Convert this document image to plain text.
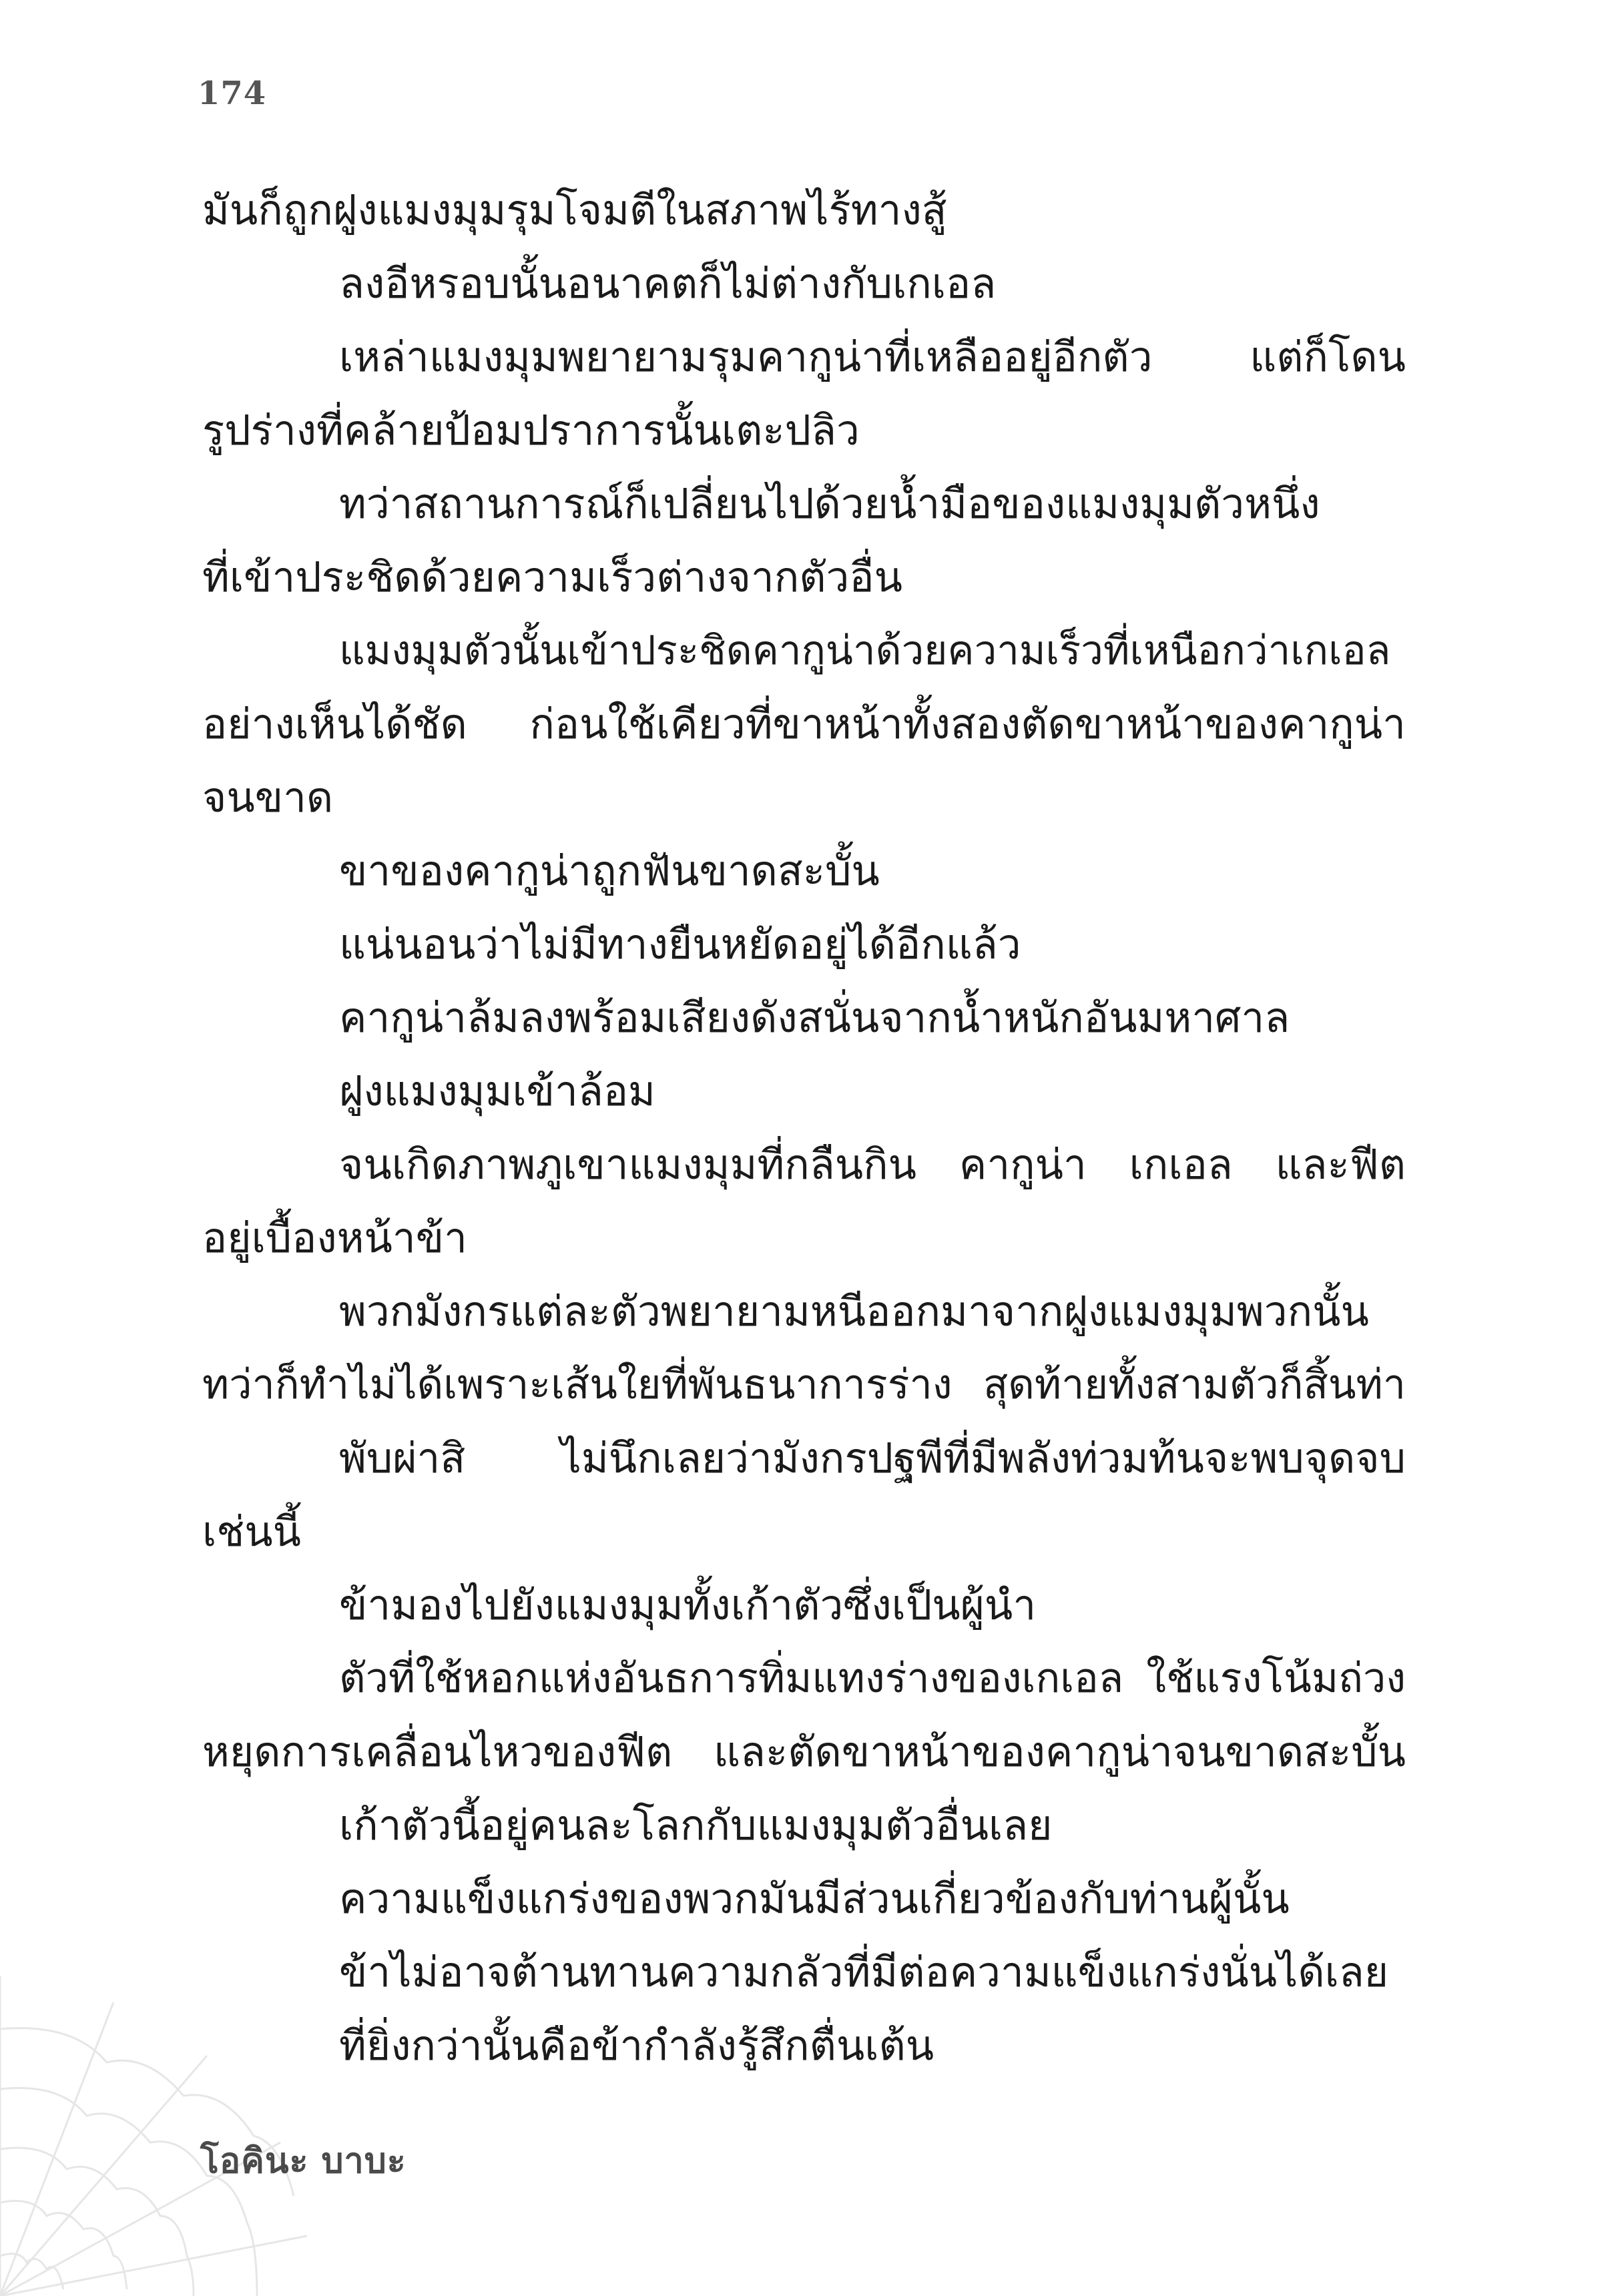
174
มันก็ถูกฝูงแมงมุมรุมโจมตีในสภาพไร้ทางสู้
ลงอีหรอบนั้นอนาคตก็ไม่ต่างกับเกเอล
เหล่าแมงมุมพยายามรุมคากูน่าที่เหลืออยู่อีกตัว แต่ก็โดน
รูปร่างที่คล้ายป้อมปราการนั้นเตะปลิว
ทว่าสถานการณ์ก็เปลี่ยนไปด้วยน้ำมือของแมงมุมตัวหนึ่ง
ที่เข้าประชิดด้วยความเร็วต่างจากตัวอื่น
แมงมุมตัวนั้นเข้าประชิดคากูน่าด้วยความเร็วที่เหนือกว่าเกเอล
อย่างเห็นได้ชัด ก่อนใช้เคียวที่ขาหน้าทั้งสองตัดขาหน้าของคากูน่า
จนขาด
ขาของคากูน่าถูกฟันขาดสะบั้น
แน่นอนว่าไม่มีทางยืนหยัดอยู่ได้อีกแล้ว
คากูน่าล้มลงพร้อมเสียงดังสนั่นจากน้ำหนักอันมหาศาล
ฝูงแมงมุมเข้าล้อม
จนเกิดภาพภูเขาแมงมุมที่กลืนกิน คากูน่า เกเอล และฟีต
อยู่เบื้องหน้าข้า
พวกมังกรแต่ละตัวพยายามหนีออกมาจากฝูงแมงมุมพวกนั้น
ทว่าก็ทำไม่ได้เพราะเส้นใยที่พันธนาการร่าง สุดท้ายทั้งสามตัวก็สิ้นท่า
พับผ่าสิ ไม่นึกเลยว่ามังกรปฐพีที่มีพลังท่วมท้นจะพบจุดจบ
เช่นนี้
ข้ามองไปยังแมงมุมทั้งเก้าตัวซึ่งเป็นผู้นำ
ตัวที่ใช้หอกแห่งอันธการทิ่มแทงร่างของเกเอล ใช้แรงโน้มถ่วง
หยุดการเคลื่อนไหวของฟีต และตัดขาหน้าของคากูน่าจนขาดสะบั้น
เก้าตัวนี้อยู่คนละโลกกับแมงมุมตัวอื่นเลย
ความแข็งแกร่งของพวกมันมีส่วนเกี่ยวข้องกับท่านผู้นั้น
ข้าไม่อาจต้านทานความกลัวที่มีต่อความแข็งแกร่งนั่นได้เลย
ที่ยิ่งกว่านั้นคือข้ากำลังรู้สึกตื่นเต้น
โอคินะ บาบะ
